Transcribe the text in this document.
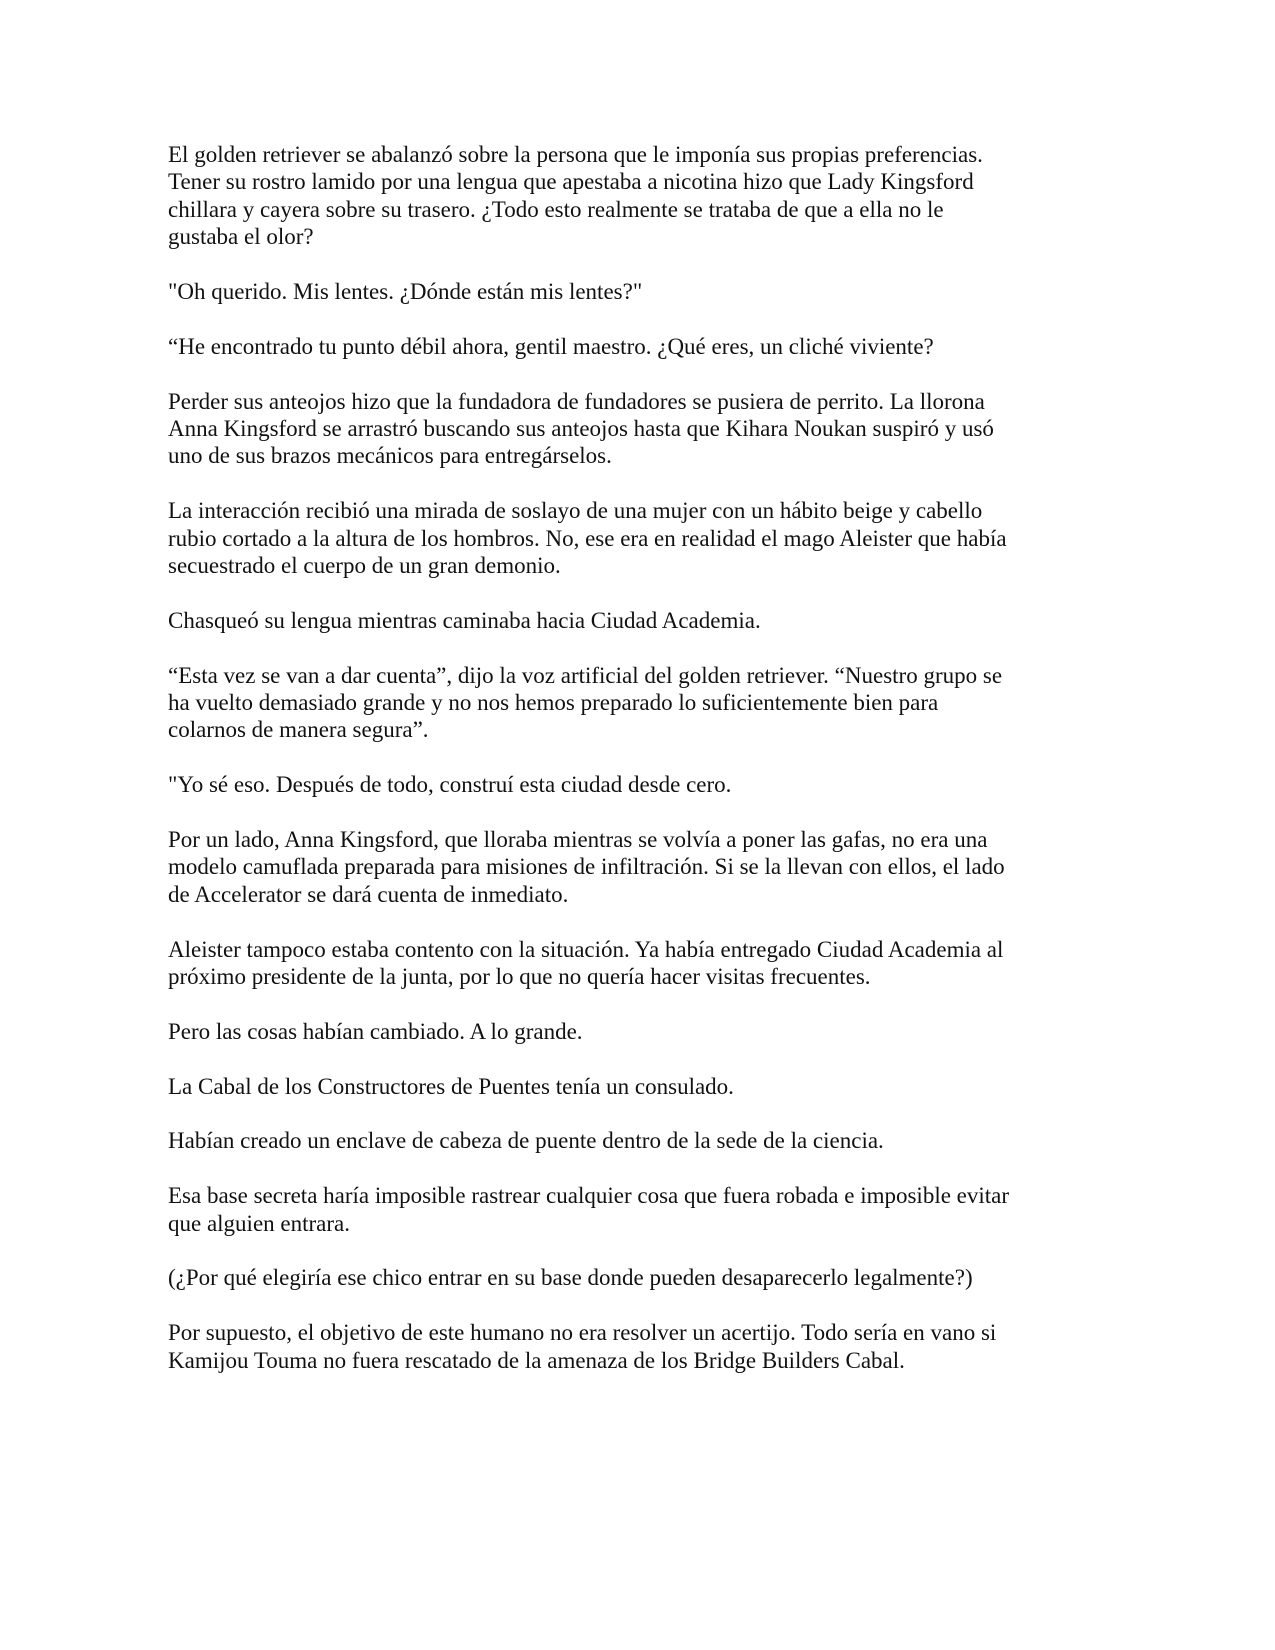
El golden retriever se abalanzó sobre la persona que le imponía sus propias preferencias.
Tener su rostro lamido por una lengua que apestaba a nicotina hizo que Lady Kingsford
chillara y cayera sobre su trasero. ¿Todo esto realmente se trataba de que a ella no le
gustaba el olor?

"Oh querido. Mis lentes. ¿Dónde están mis lentes?"

“He encontrado tu punto débil ahora, gentil maestro. ¿Qué eres, un cliché viviente?

Perder sus anteojos hizo que la fundadora de fundadores se pusiera de perrito. La llorona
Anna Kingsford se arrastró buscando sus anteojos hasta que Kihara Noukan suspiró y usó
uno de sus brazos mecánicos para entregárselos.

La interacción recibió una mirada de soslayo de una mujer con un hábito beige y cabello
rubio cortado a la altura de los hombros. No, ese era en realidad el mago Aleister que había
secuestrado el cuerpo de un gran demonio.

Chasqueó su lengua mientras caminaba hacia Ciudad Academia.

“Esta vez se van a dar cuenta”, dijo la voz artificial del golden retriever. “Nuestro grupo se
ha vuelto demasiado grande y no nos hemos preparado lo suficientemente bien para
colarnos de manera segura”.

"Yo sé eso. Después de todo, construí esta ciudad desde cero.

Por un lado, Anna Kingsford, que lloraba mientras se volvía a poner las gafas, no era una
modelo camuflada preparada para misiones de infiltración. Si se la llevan con ellos, el lado
de Accelerator se dará cuenta de inmediato.

Aleister tampoco estaba contento con la situación. Ya había entregado Ciudad Academia al
próximo presidente de la junta, por lo que no quería hacer visitas frecuentes.

Pero las cosas habían cambiado. A lo grande.

La Cabal de los Constructores de Puentes tenía un consulado.

Habían creado un enclave de cabeza de puente dentro de la sede de la ciencia.

Esa base secreta haría imposible rastrear cualquier cosa que fuera robada e imposible evitar
que alguien entrara.

(¿Por qué elegiría ese chico entrar en su base donde pueden desaparecerlo legalmente?)

Por supuesto, el objetivo de este humano no era resolver un acertijo. Todo sería en vano si
Kamijou Touma no fuera rescatado de la amenaza de los Bridge Builders Cabal.
